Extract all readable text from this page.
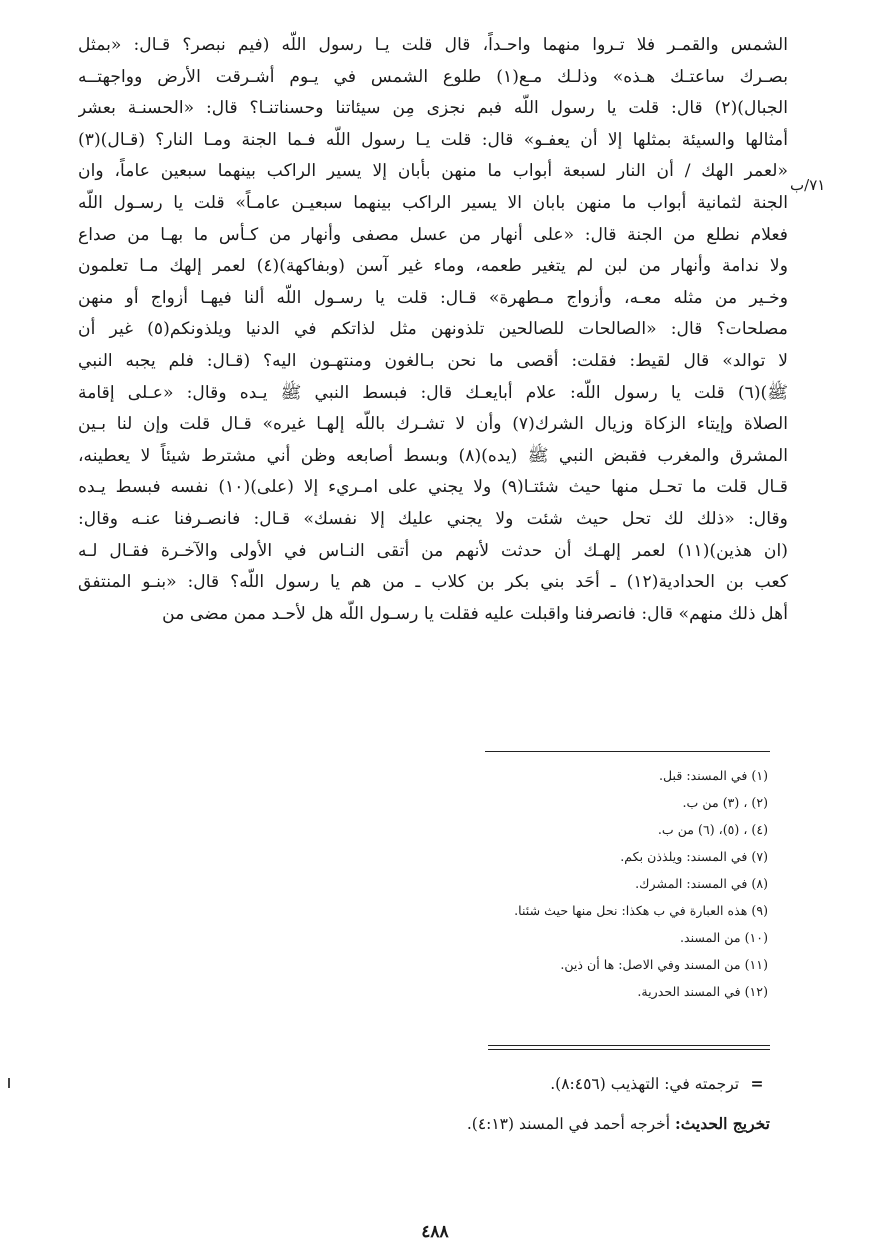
الشمس والقمـر فلا تـروا منهما واحـداً، قال قلت يـا رسول اللّه (فيم نبصر؟ قـال: «بمثل
بصـرك ساعتـك هـذه» وذلـك مـع(١) طلوع الشمس في يـوم أشـرقت الأرض وواجهتــه
الجبال)(٢) قال: قلت يا رسول اللّه فبم نجزى مِن سيئاتنا وحسناتنـا؟ قال: «الحسنـة بعشر
أمثالها والسيئة بمثلها إلا أن يعفـو» قال: قلت يـا رسول اللّه فـما الجنة ومـا النار؟ (قـال)(٣)
«لعمر الهك / أن النار لسبعة أبواب ما منهن بأبان إلا يسير الراكب بينهما سبعين عاماً، وان
الجنة لثمانية أبواب ما منهن بابان الا يسير الراكب بينهما سبعيـن عامـاً» قلت يا رسـول اللّه
فعلام نطلع من الجنة قال: «على أنهار من عسل مصفى وأنهار من كـأس ما بهـا من صداع
ولا ندامة وأنهار من لبن لم يتغير طعمه، وماء غير آسن (وبفاكهة)(٤) لعمر إلهك مـا تعلمون
وخـير من مثله معـه، وأزواج مـطهرة» قـال: قلت يا رسـول اللّه ألنا فيهـا أزواج أو منهن
مصلحات؟ قال: «الصالحات للصالحين تلذونهن مثل لذاتكم في الدنيا ويلذونكم(٥) غير أن
لا توالد» قال لقيط: فقلت: أقصى ما نحن بـالغون ومنتهـون اليه؟ (قـال: فلم يجبه النبي
ﷺ)(٦) قلت يا رسول اللّه: علام أبايعـك قال: فبسط النبي ﷺ يـده وقال: «عـلى إقامة
الصلاة وإيتاء الزكاة وزيال الشرك(٧) وأن لا تشـرك باللّه إلهـا غيره» قـال قلت وإن لنا بـين
المشرق والمغرب فقبض النبي ﷺ (يده)(٨) وبسط أصابعه وظن أني مشترط شيئاً لا يعطينه،
قـال قلت ما تحـل منها حيث شئتـا(٩) ولا يجني على امـريء إلا (على)(١٠) نفسه فبسط يـده
وقال: «ذلك لك تحل حيث شئت ولا يجني عليك إلا نفسك» قـال: فانصـرفنا عنـه وقال:
(ان هذين)(١١) لعمر إلهـك أن حدثت لأنهم من أتقى النـاس في الأولى والآخـرة فقـال لـه
كعب بن الحدادية(١٢) ـ أحَد بني بكر بن كلاب ـ من هم يا رسول اللّه؟ قال: «بنـو المنتفق
أهل ذلك منهم» قال: فانصرفنا واقبلت عليه فقلت يا رسـول اللّه هل لأحـد ممن مضى من
٧١/ب
(١) في المسند: قبل.
(٢) ، (٣) من ب.
(٤) ، (٥)، (٦) من ب.
(٧) في المسند: ويلذذن بكم.
(٨) في المسند: المشرك.
(٩) هذه العبارة في ب هكذا: نحل منها حيث شئنا.
(١٠) من المسند.
(١١) من المسند وفي الاصل: ها أن ذين.
(١٢) في المسند الحدرية.
= ترجمته في: التهذيب (٨:٤٥٦).
تخريج الحديث: أخرجه أحمد في المسند (٤:١٣).
٤٨٨
